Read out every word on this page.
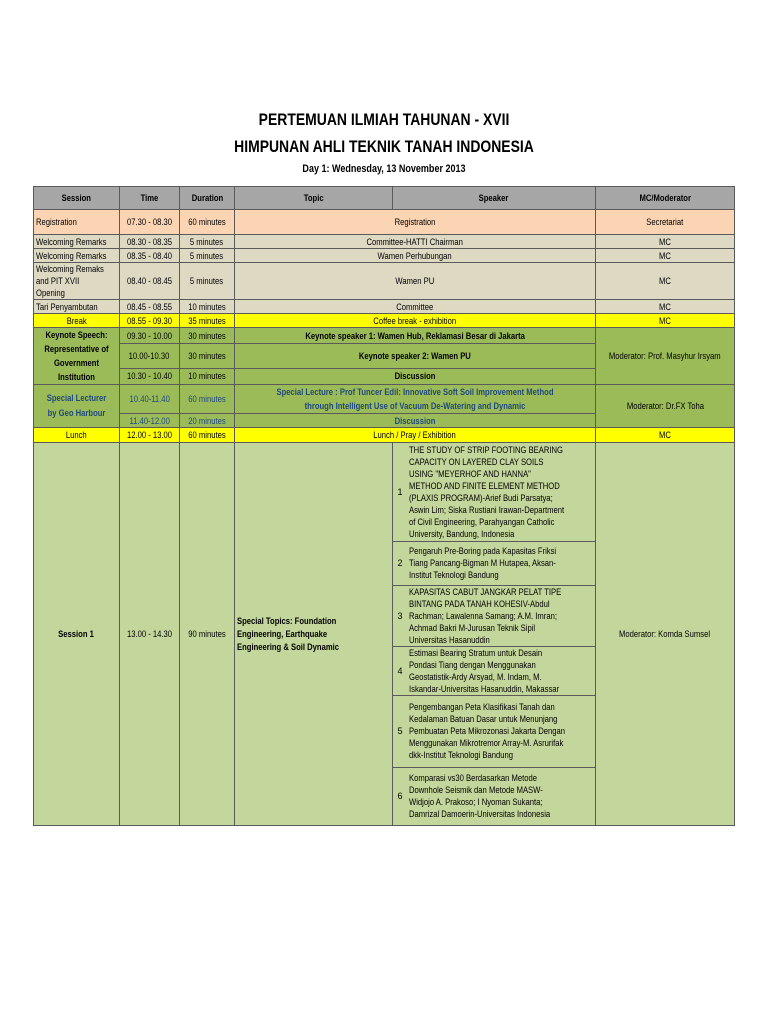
PERTEMUAN ILMIAH TAHUNAN - XVII
HIMPUNAN AHLI TEKNIK TANAH INDONESIA
Day 1: Wednesday, 13 November 2013
Session	Time	Duration	Topic	Speaker	MC/Moderator
Registration	07.30 - 08.30	60 minutes	Registration	Secretariat
Welcoming Remarks	08.30 - 08.35	5 minutes	Committee-HATTI Chairman	MC
Welcoming Remarks	08.35 - 08.40	5 minutes	Wamen Perhubungan	MC
Welcoming Remaks and PIT XVII Opening	08.40 - 08.45	5 minutes	Wamen PU	MC
Tari Penyambutan	08.45 - 08.55	10 minutes	Committee	MC
Break	08.55 - 09.30	35 minutes	Coffee break - exhibition	MC
Keynote Speech: Representative of Government Institution	09.30 - 10.00	30 minutes	Keynote speaker 1: Wamen Hub, Reklamasi Besar di Jakarta	Moderator: Prof. Masyhur Irsyam
10.00-10.30	30 minutes	Keynote speaker 2: Wamen PU
10.30 - 10.40	10 minutes	Discussion
Special Lecturer by Geo Harbour	10.40-11.40	60 minutes	Special Lecture : Prof Tuncer Edil: Innovative Soft Soil Improvement Method through Intelligent Use of Vacuum De-Watering and Dynamic	Moderator: Dr.FX Toha
11.40-12.00	20 minutes	Discussion
Lunch	12.00 - 13.00	60 minutes	Lunch / Pray / Exhibition	MC
Session 1	13.00 - 14.30	90 minutes	Special Topics: Foundation Engineering, Earthquake Engineering & Soil Dynamic	
1	THE STUDY OF STRIP FOOTING BEARING CAPACITY ON LAYERED CLAY SOILS USING "MEYERHOF AND HANNA" METHOD AND FINITE ELEMENT METHOD (PLAXIS PROGRAM)-Arief Budi Parsatya; Aswin Lim; Siska Rustiani Irawan-Department of Civil Engineering, Parahyangan Catholic University, Bandung, Indonesia
2	Pengaruh Pre-Boring pada Kapasitas Friksi Tiang Pancang-Bigman M Hutapea, Aksan-Institut Teknologi Bandung
3	KAPASITAS CABUT JANGKAR PELAT TIPE BINTANG PADA TANAH KOHESIV-Abdul Rachman; Lawalenna Samang; A.M. Imran; Achmad Bakri M-Jurusan Teknik Sipil Universitas Hasanuddin
4	Estimasi Bearing Stratum untuk Desain Pondasi Tiang dengan Menggunakan Geostatistik-Ardy Arsyad, M. Indam, M. Iskandar-Universitas Hasanuddin, Makassar
5	Pengembangan Peta Klasifikasi Tanah dan Kedalaman Batuan Dasar untuk Menunjang Pembuatan Peta Mikrozonasi Jakarta Dengan Menggunakan Mikrotremor Array-M. Asrurifak dkk-Institut Teknologi Bandung
6	Komparasi vs30 Berdasarkan Metode Downhole Seismik dan Metode MASW-Widjojo A. Prakoso; I Nyoman Sukanta; Damrizal Damoerin-Universitas Indonesia
	Moderator: Komda Sumsel
